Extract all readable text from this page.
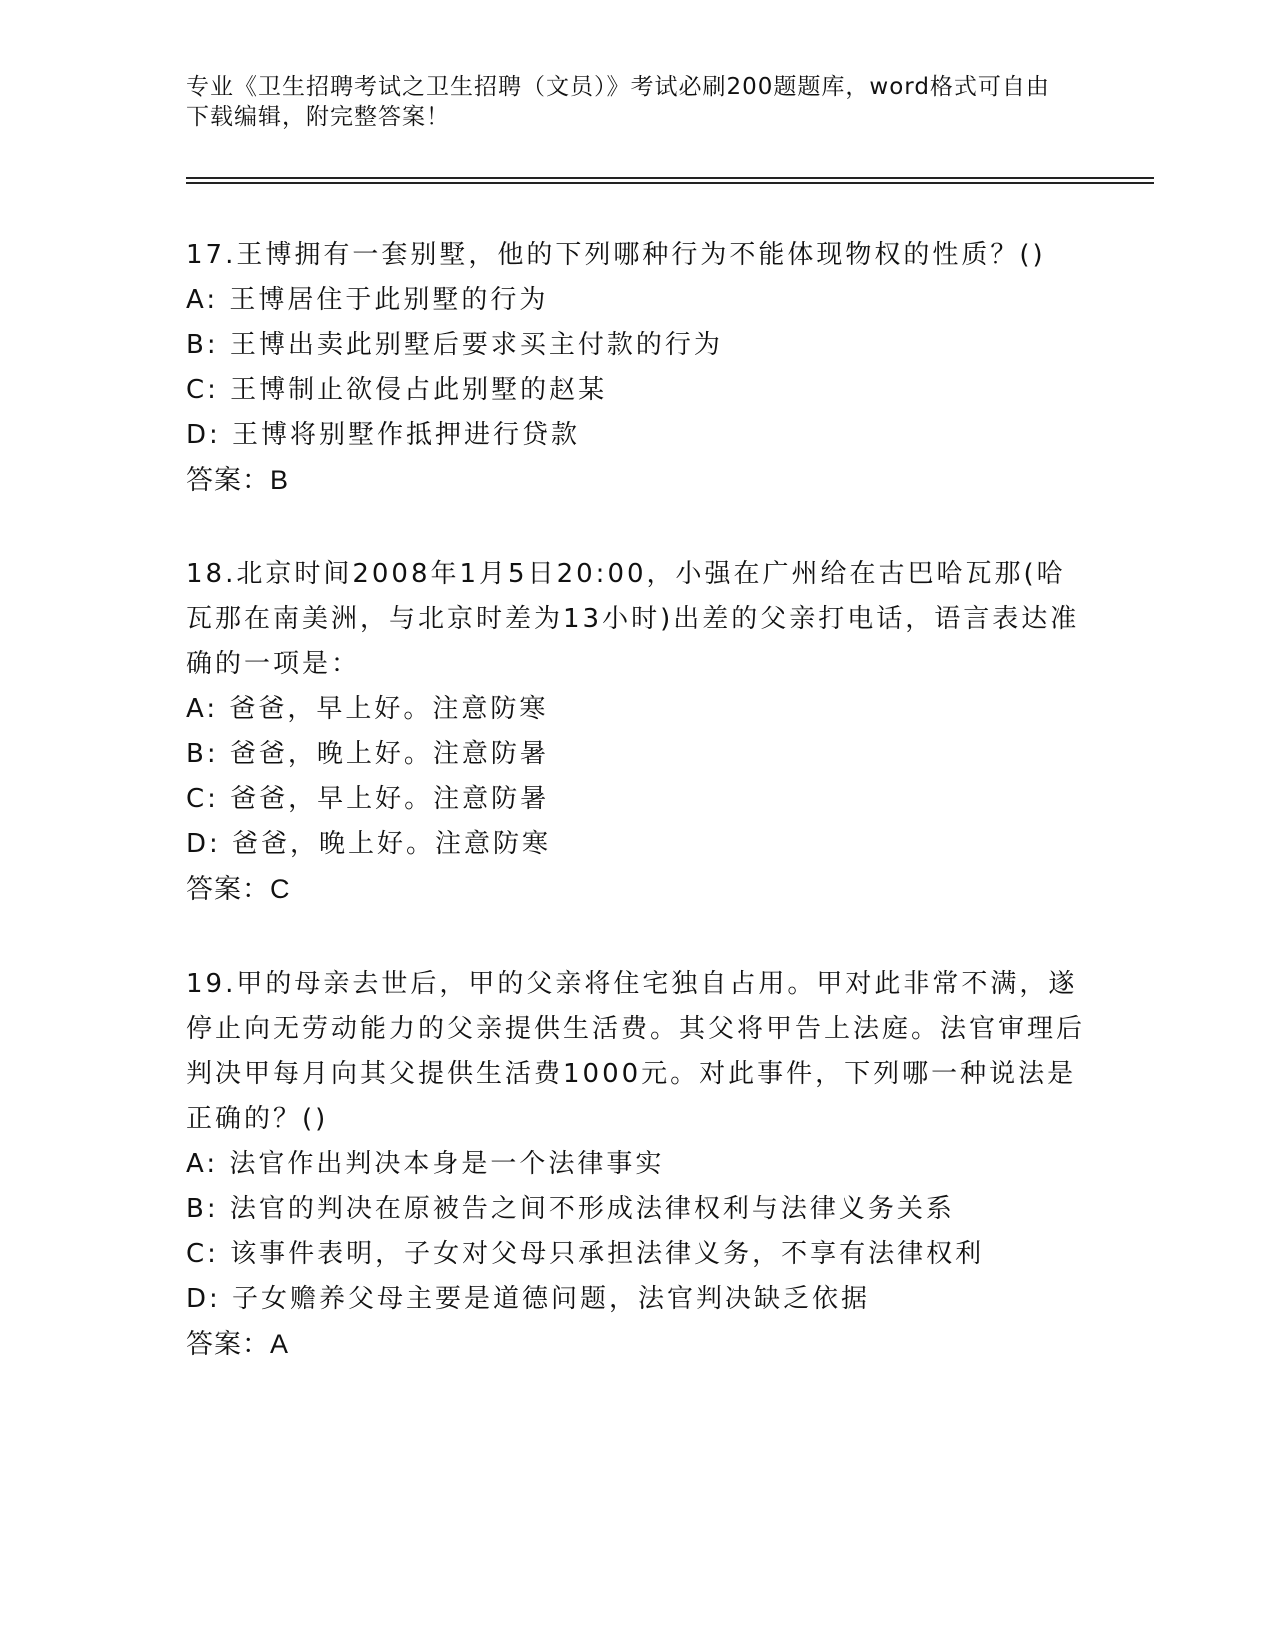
专业《卫生招聘考试之卫生招聘（文员）》考试必刷200题题库，word格式可自由下载编辑，附完整答案！
17.王博拥有一套别墅，他的下列哪种行为不能体现物权的性质？()
A: 王博居住于此别墅的行为
B: 王博出卖此别墅后要求买主付款的行为
C: 王博制止欲侵占此别墅的赵某
D: 王博将别墅作抵押进行贷款
答案：B
18.北京时间2008年1月5日20:00，小强在广州给在古巴哈瓦那(哈瓦那在南美洲，与北京时差为13小时)出差的父亲打电话，语言表达准确的一项是：
A: 爸爸，早上好。注意防寒
B: 爸爸，晚上好。注意防暑
C: 爸爸，早上好。注意防暑
D: 爸爸，晚上好。注意防寒
答案：C
19.甲的母亲去世后，甲的父亲将住宅独自占用。甲对此非常不满，遂停止向无劳动能力的父亲提供生活费。其父将甲告上法庭。法官审理后判决甲每月向其父提供生活费1000元。对此事件，下列哪一种说法是正确的？()
A: 法官作出判决本身是一个法律事实
B: 法官的判决在原被告之间不形成法律权利与法律义务关系
C: 该事件表明，子女对父母只承担法律义务，不享有法律权利
D: 子女赡养父母主要是道德问题，法官判决缺乏依据
答案：A
